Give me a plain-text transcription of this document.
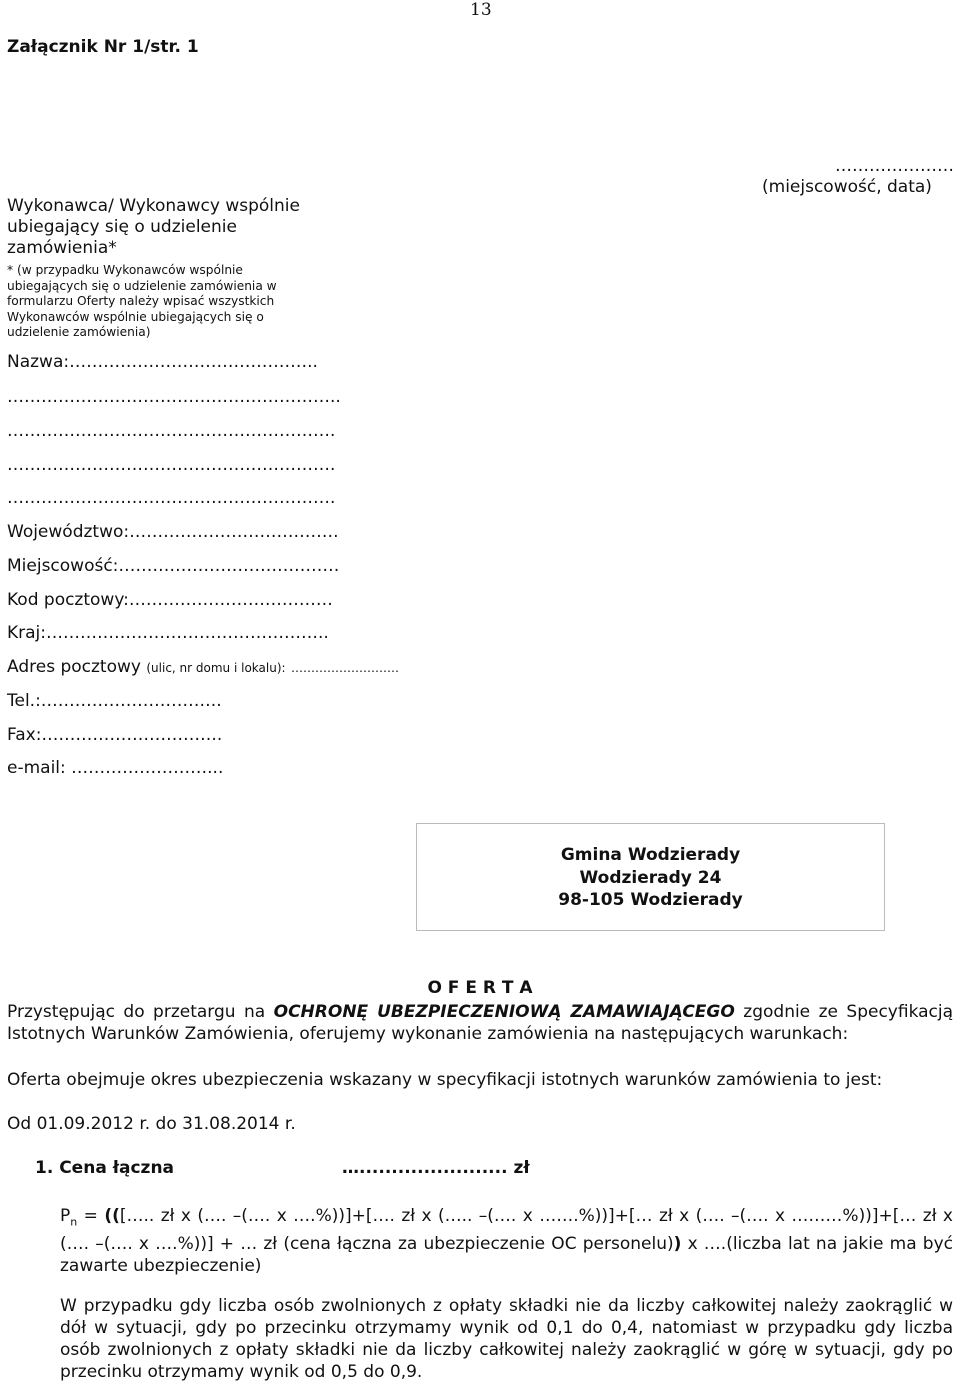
13
Załącznik Nr 1/str. 1
…………………
(miejscowość, data)
Wykonawca/ Wykonawcy wspólnie ubiegający się o udzielenie zamówienia*
* (w przypadku Wykonawców wspólnie ubiegających się o udzielenie zamówienia w formularzu Oferty należy wpisać wszystkich Wykonawców wspólnie ubiegających się o udzielenie zamówienia)
Nazwa:……………………………………..
…………………………………………………..
………………………………………………….
………………………………………………….
………………………………………………….
Województwo:……………………………….
Miejscowość:…………………………………
Kod pocztowy:………………………………
Kraj:…………………………………………..
Adres pocztowy (ulic, nr domu i lokalu): ………………………
Tel.:…………………………..
Fax:…………………………..
e-mail: ……………………...
Gmina Wodzierady
Wodzierady 24
98-105 Wodzierady
O F E R T A
Przystępując do przetargu na OCHRONĘ UBEZPIECZENIOWĄ ZAMAWIAJĄCEGO zgodnie ze Specyfikacją Istotnych Warunków Zamówienia, oferujemy wykonanie zamówienia na następujących warunkach:
Oferta obejmuje okres ubezpieczenia wskazany w specyfikacji istotnych warunków zamówienia to jest:
Od 01.09.2012 r. do 31.08.2014 r.
1. Cena łączna	…....................... zł
$P_n$ = (([….. zł x (…. –(…. x ….%))]+[…. zł x (….. –(…. x …….%))]+[… zł x (…. –(…. x ………%))]+[… zł x (…. –(…. x ….%))] + … zł (cena łączna za ubezpieczenie OC personelu)) x ….(liczba lat na jakie ma być zawarte ubezpieczenie)
W przypadku gdy liczba osób zwolnionych z opłaty składki nie da liczby całkowitej należy zaokrąglić w dół w sytuacji, gdy po przecinku otrzymamy wynik od 0,1 do 0,4, natomiast w przypadku gdy liczba osób zwolnionych z opłaty składki nie da liczby całkowitej należy zaokrąglić w górę w sytuacji, gdy po przecinku otrzymamy wynik od 0,5 do 0,9.
